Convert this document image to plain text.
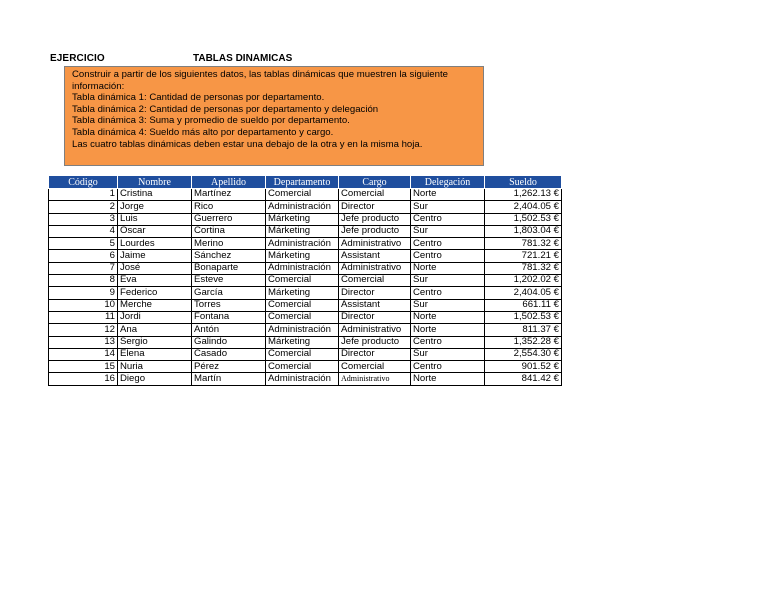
EJERCICIO	TABLAS DINAMICAS
Construir a partir de los siguientes datos, las tablas dinámicas que muestren la siguiente
información:
Tabla dinámica 1: Cantidad de personas por departamento.
Tabla dinámica 2: Cantidad de personas por departamento y delegación
Tabla dinámica 3: Suma y promedio de sueldo por departamento.
Tabla dinámica 4: Sueldo más alto por departamento y cargo.
Las cuatro tablas dinámicas deben estar una debajo de la otra y en la misma hoja.
Código	Nombre	Apellido	Departamento	Cargo	Delegación	Sueldo
1	Cristina	Martínez	Comercial	Comercial	Norte	1,262.13 €
2	Jorge	Rico	Administración	Director	Sur	2,404.05 €
3	Luis	Guerrero	Márketing	Jefe producto	Centro	1,502.53 €
4	Oscar	Cortina	Márketing	Jefe producto	Sur	1,803.04 €
5	Lourdes	Merino	Administración	Administrativo	Centro	781.32 €
6	Jaime	Sánchez	Márketing	Assistant	Centro	721.21 €
7	José	Bonaparte	Administración	Administrativo	Norte	781.32 €
8	Eva	Esteve	Comercial	Comercial	Sur	1,202.02 €
9	Federico	García	Márketing	Director	Centro	2,404.05 €
10	Merche	Torres	Comercial	Assistant	Sur	661.11 €
11	Jordi	Fontana	Comercial	Director	Norte	1,502.53 €
12	Ana	Antón	Administración	Administrativo	Norte	811.37 €
13	Sergio	Galindo	Márketing	Jefe producto	Centro	1,352.28 €
14	Elena	Casado	Comercial	Director	Sur	2,554.30 €
15	Nuria	Pérez	Comercial	Comercial	Centro	901.52 €
16	Diego	Martín	Administración	Administrativo	Norte	841.42 €
